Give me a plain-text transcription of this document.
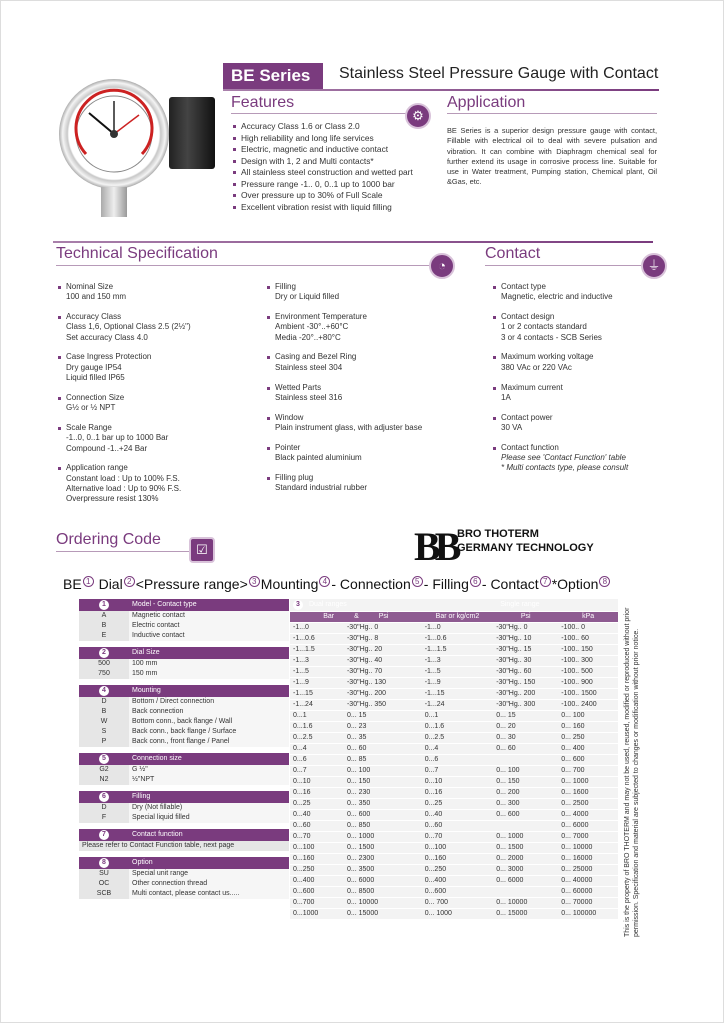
BE Series	Stainless Steel Pressure Gauge with Contact
Features
⚙
Accuracy Class 1.6 or Class 2.0
High reliability and long life services
Electric, magnetic and inductive contact
Design with 1, 2 and Multi contacts*
All stainless steel construction and wetted part
Pressure range -1.. 0, 0..1 up to 1000 bar
Over pressure up to 30% of Full Scale
Excellent vibration resist with liquid filling
Application
BE Series is a superior design pressure gauge with contact, Fillable with electrical oil to deal with severe pulsation and vibration. It can combine with Diaphragm chemical seal for further extend its usage in corrosive process line. Suitable for use in Water treatment, Pumping station, Chemical plant, Oil &Gas, etc.
Technical Specification
◔
Nominal Size
100 and 150 mm
Accuracy Class
Class 1,6, Optional Class 2.5 (2½")
Set accuracy Class 4.0
Case Ingress Protection
Dry gauge IP54
Liquid filled IP65
Connection Size
G½ or ½ NPT
Scale Range
-1..0, 0..1 bar up to 1000 Bar
Compound -1..+24 Bar
Application range
Constant load : Up to 100% F.S.
Alternative load : Up to 90% F.S.
Overpressure resist 130%
Filling
Dry or Liquid filled
Environment Temperature
Ambient -30°..+60°C
Media -20°..+80°C
Casing and Bezel Ring
Stainless steel 304
Wetted Parts
Stainless steel 316
Window
Plain instrument glass, with adjuster base
Pointer
Black painted aluminium
Filling plug
Standard industrial rubber
Contact
⏚
Contact type
Magnetic, electric and inductive
Contact design
1 or 2 contacts standard
3 or 4 contacts - SCB Series
Maximum working voltage
380 VAc or 220 VAc
Maximum current
1A
Contact power
30 VA
Contact function
Please see 'Contact Function' table
* Multi contacts type, please consult
Ordering Code
☑	BB BRO THOTERM
GERMANY TECHNOLOGY
BE $^1$ Dial $^2$ <Pressure range> $^3$ Mounting $^4$ - Connection $^5$ - Filling $^6$ - Contact $^7$ *Option $^8$
1	Model - Contact type
A	Magnetic contact
B	Electric contact
E	Inductive contact

2	Dial Size
500	100 mm
750	150 mm

4	Mounting
D	Bottom / Direct connection
B	Back connection
W	Bottom conn., back flange / Wall
S	Back conn., back flange / Surface
P	Back conn., front flange / Panel

5	Connection size
G2	G ½"
N2	½"NPT

6	Filling
D	Dry (Not fillable)
F	Special liquid filled

7	Contact function
Please refer to Contact Function table, next page	

8	Option
SU	Special unit range
OC	Other connection thread
SCB	Multi contact, please contact us.....
3 Dual ranges		Single range		
Bar & Psi		Bar or kg/cm2	Psi	kPa
-1...0	-30"Hg.. 0	-1...0	-30"Hg.. 0	-100.. 0
-1...0.6	-30"Hg.. 8	-1...0.6	-30"Hg.. 10	-100.. 60
-1...1.5	-30"Hg.. 20	-1...1.5	-30"Hg.. 15	-100.. 150
-1...3	-30"Hg.. 40	-1...3	-30"Hg.. 30	-100.. 300
-1...5	-30"Hg.. 70	-1...5	-30"Hg.. 60	-100.. 500
-1...9	-30"Hg.. 130	-1...9	-30"Hg.. 150	-100.. 900
-1...15	-30"Hg.. 200	-1...15	-30"Hg.. 200	-100.. 1500
-1...24	-30"Hg.. 350	-1...24	-30"Hg.. 300	-100.. 2400
0...1	0... 15	0...1	0... 15	0... 100
0...1.6	0... 23	0...1.6	0... 20	0... 160
0...2.5	0... 35	0...2.5	0... 30	0... 250
0...4	0... 60	0...4	0... 60	0... 400
0...6	0... 85	0...6		0... 600
0...7	0... 100	0...7	0... 100	0... 700
0...10	0... 150	0...10	0... 150	0... 1000
0...16	0... 230	0...16	0... 200	0... 1600
0...25	0... 350	0...25	0... 300	0... 2500
0...40	0... 600	0...40	0... 600	0... 4000
0...60	0... 850	0...60		0... 6000
0...70	0... 1000	0...70	0... 1000	0... 7000
0...100	0... 1500	0...100	0... 1500	0... 10000
0...160	0... 2300	0...160	0... 2000	0... 16000
0...250	0... 3500	0...250	0... 3000	0... 25000
0...400	0... 6000	0...400	0... 6000	0... 40000
0...600	0... 8500	0...600		0... 60000
0...700	0... 10000	0... 700	0... 10000	0... 70000
0...1000	0... 15000	0... 1000	0... 15000	0... 100000	This is the property of BRO THOTERM and may not be used, reused, modified or reproduced without prior permission. Specification and material are subjected to changes or modification without prior notice.
